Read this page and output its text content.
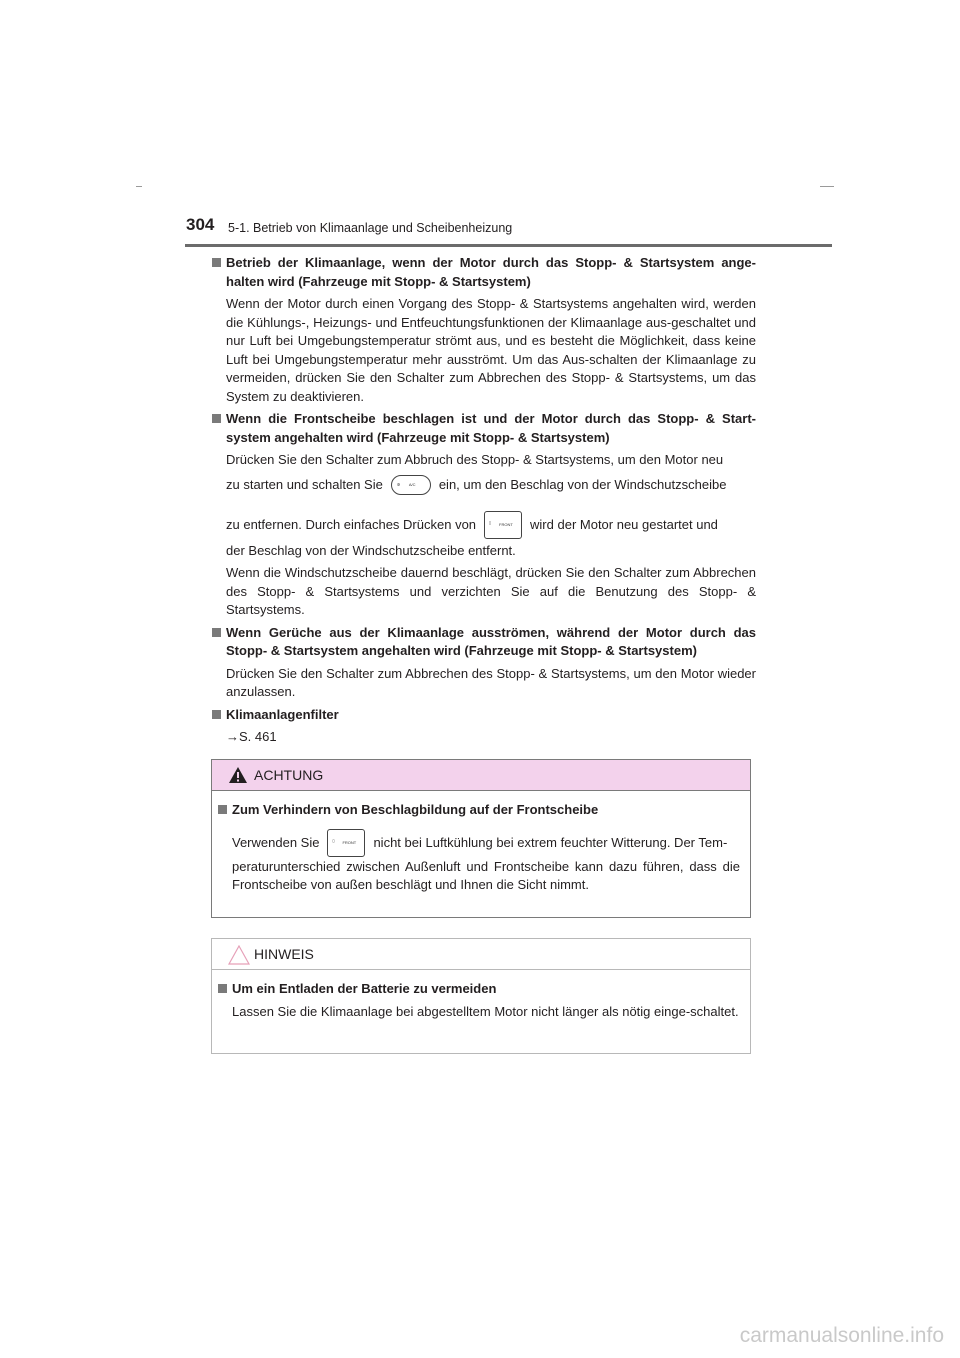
304 5-1. Betrieb von Klimaanlage und Scheibenheizung
Betrieb der Klimaanlage, wenn der Motor durch das Stopp- & Startsystem ange-halten wird (Fahrzeuge mit Stopp- & Startsystem)
Wenn der Motor durch einen Vorgang des Stopp- & Startsystems angehalten wird, werden die Kühlungs-, Heizungs- und Entfeuchtungsfunktionen der Klimaanlage aus-geschaltet und nur Luft bei Umgebungstemperatur strömt aus, und es besteht die Möglichkeit, dass keine Luft bei Umgebungstemperatur mehr ausströmt. Um das Aus-schalten der Klimaanlage zu vermeiden, drücken Sie den Schalter zum Abbrechen des Stopp- & Startsystems, um das System zu deaktivieren.
Wenn die Frontscheibe beschlagen ist und der Motor durch das Stopp- & Start-system angehalten wird (Fahrzeuge mit Stopp- & Startsystem)
Drücken Sie den Schalter zum Abbruch des Stopp- & Startsystems, um den Motor neu
zu starten und schalten Sie	✲ A/C ein, um den Beschlag von der Windschutzscheibe
zu entfernen. Durch einfaches Drücken von	▯ FRONT wird der Motor neu gestartet und
der Beschlag von der Windschutzscheibe entfernt.
Wenn die Windschutzscheibe dauernd beschlägt, drücken Sie den Schalter zum Abbrechen des Stopp- & Startsystems und verzichten Sie auf die Benutzung des Stopp- & Startsystems.
Wenn Gerüche aus der Klimaanlage ausströmen, während der Motor durch das Stopp- & Startsystem angehalten wird (Fahrzeuge mit Stopp- & Startsystem)
Drücken Sie den Schalter zum Abbrechen des Stopp- & Startsystems, um den Motor wieder anzulassen.
Klimaanlagenfilter
→S. 461
ACHTUNG
Zum Verhindern von Beschlagbildung auf der Frontscheibe
Verwenden Sie	▯ FRONT nicht bei Luftkühlung bei extrem feuchter Witterung. Der Tem-
peraturunterschied zwischen Außenluft und Frontscheibe kann dazu führen, dass die Frontscheibe von außen beschlägt und Ihnen die Sicht nimmt.
HINWEIS
Um ein Entladen der Batterie zu vermeiden
Lassen Sie die Klimaanlage bei abgestelltem Motor nicht länger als nötig einge-schaltet.
carmanualsonline.info
